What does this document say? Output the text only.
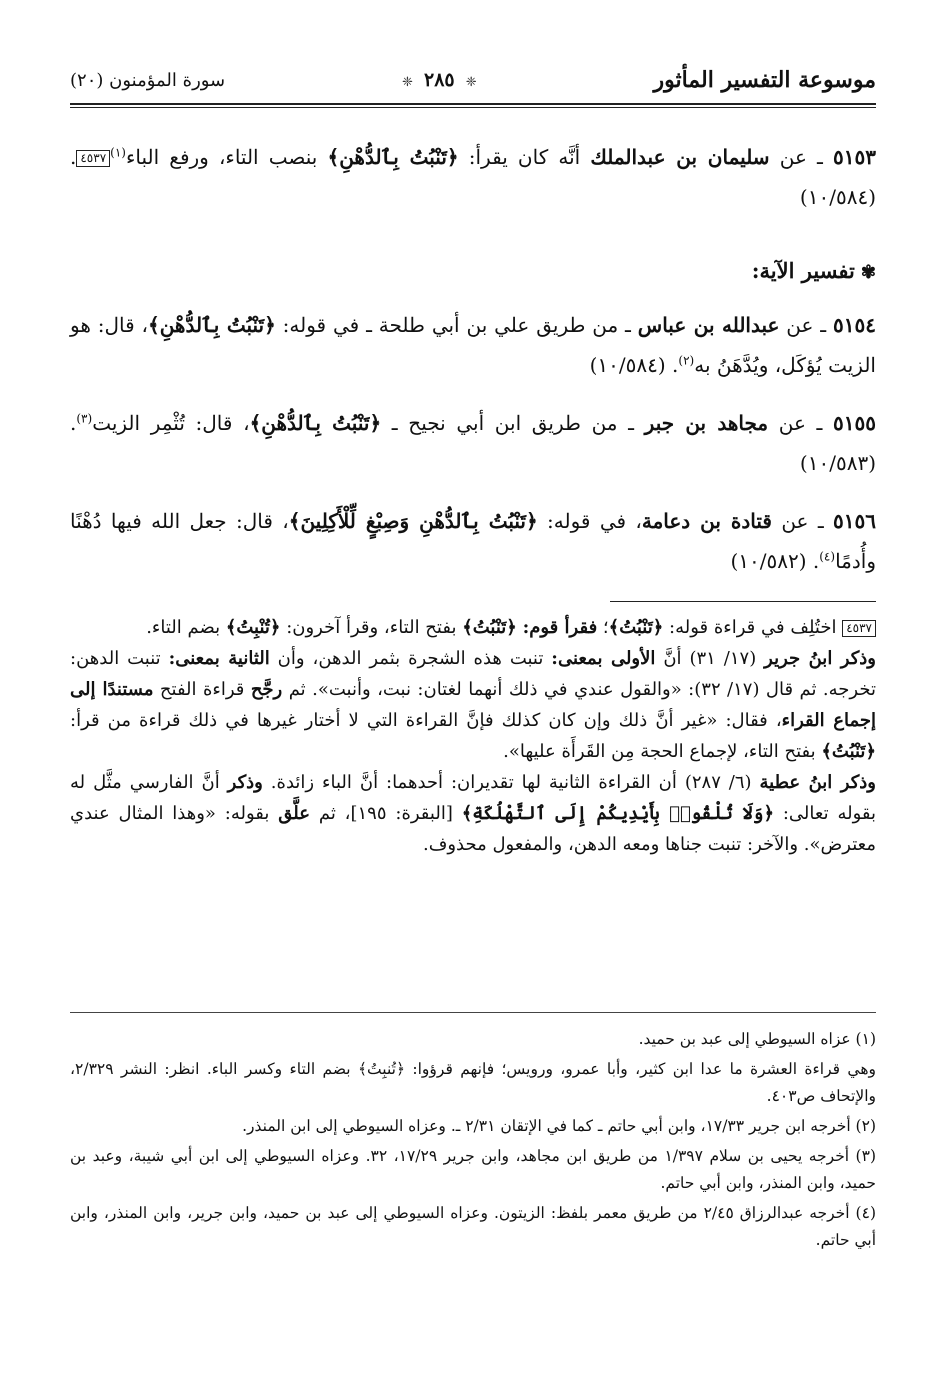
موسوعة التفسير المأثور
❈ ٢٨٥ ❈
سورة المؤمنون (٢٠)
٥١٥٣ ـ عن سليمان بن عبدالملك أنَّه كان يقرأ: ﴿تَنْبُتُ بِٱلدُّهْنِ﴾ بنصب التاء، ورفع الباء$^{(١)}$٤٥٣٧. (١٠/٥٨٤)
✾تفسير الآية:
٥١٥٤ ـ عن عبدالله بن عباس ـ من طريق علي بن أبي طلحة ـ في قوله: ﴿تَنْبُتُ بِٱلدُّهْنِ﴾، قال: هو الزيت يُؤكَل، ويُدَّهَنُ به$^{(٢)}$. (١٠/٥٨٤)
٥١٥٥ ـ عن مجاهد بن جبر ـ من طريق ابن أبي نجيح ـ ﴿تَنْبُتُ بِٱلدُّهْنِ﴾، قال: تُثْمِر الزيت$^{(٣)}$. (١٠/٥٨٣)
٥١٥٦ ـ عن قتادة بن دعامة، في قوله: ﴿تَنْبُتُ بِٱلدُّهْنِ وَصِبْغٍ لِّلْأَكِلِينَ﴾، قال: جعل الله فيها دُهْنًا وأُدمًا$^{(٤)}$. (١٠/٥٨٢)

٤٥٣٧ اختُلِف في قراءة قوله: ﴿تَنْبُتُ﴾؛ فقرأ قوم: ﴿تَنْبُتُ﴾ بفتح التاء، وقرأ آخرون: ﴿تُنْبِتُ﴾ بضم التاء.

وذكر ابنُ جرير (١٧/ ٣١) أنَّ الأولى بمعنى: تنبت هذه الشجرة بثمر الدهن، وأن الثانية بمعنى: تنبت الدهن: تخرجه. ثم قال (١٧/ ٣٢): «والقول عندي في ذلك أنهما لغتان: نبت، وأنبت». ثم رجَّح قراءة الفتح مستندًا إلى إجماع القراء، فقال: «غير أنَّ ذلك وإن كان كذلك فإنَّ القراءة التي لا أختار غيرها في ذلك قراءة من قرأ: ﴿تَنْبُتُ﴾ بفتح التاء، لإجماع الحجة مِن القَرأَة عليها».

وذكر ابنُ عطية (٦/ ٢٨٧) أن القراءة الثانية لها تقديران: أحدهما: أنَّ الباء زائدة. وذكر أنَّ الفارسي مثَّل له بقوله تعالى: ﴿وَلَا تُلْقُوا۟ بِأَيْدِيكُمْ إِلَى ٱلتَّهْلُكَةِ﴾ [البقرة: ١٩٥]، ثم علَّق بقوله: «وهذا المثال عندي معترض». والآخر: تنبت جناها ومعه الدهن، والمفعول محذوف.

(١) عزاه السيوطي إلى عبد بن حميد.

وهي قراءة العشرة ما عدا ابن كثير، وأبا عمرو، ورويس؛ فإنهم قرؤوا: ﴿تُنبِتُ﴾ بضم التاء وكسر الباء. انظر: النشر ٢/٣٢٩، والإتحاف ص٤٠٣.

(٢) أخرجه ابن جرير ١٧/٣٣، وابن أبي حاتم ـ كما في الإتقان ٢/٣١ ـ. وعزاه السيوطي إلى ابن المنذر.

(٣) أخرجه يحيى بن سلام ١/٣٩٧ من طريق ابن مجاهد، وابن جرير ١٧/٢٩، ٣٢. وعزاه السيوطي إلى ابن أبي شيبة، وعبد بن حميد، وابن المنذر، وابن أبي حاتم.

(٤) أخرجه عبدالرزاق ٢/٤٥ من طريق معمر بلفظ: الزيتون. وعزاه السيوطي إلى عبد بن حميد، وابن جرير، وابن المنذر، وابن أبي حاتم.
